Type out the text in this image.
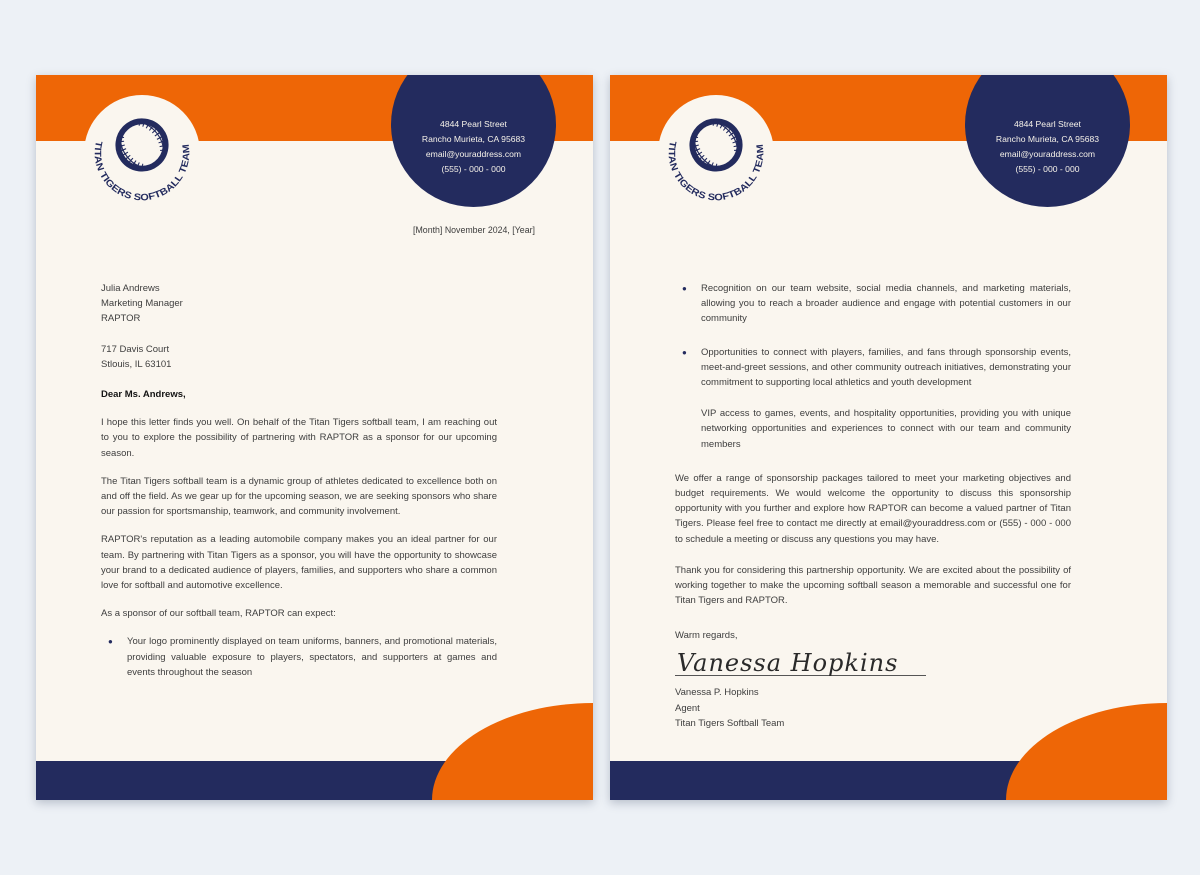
TITAN TIGERS SOFTBALL TEAM
4844 Pearl Street
Rancho Murieta, CA 95683
email@youraddress.com
(555) - 000 - 000
[Month] November 2024, [Year]
Julia Andrews
Marketing Manager
RAPTOR
717 Davis Court
Stlouis, IL 63101
Dear Ms. Andrews,

I hope this letter finds you well. On behalf of the Titan Tigers softball team, I am reaching out to you to explore the possibility of partnering with RAPTOR as a sponsor for our upcoming season.

The Titan Tigers softball team is a dynamic group of athletes dedicated to excellence both on and off the field. As we gear up for the upcoming season, we are seeking sponsors who share our passion for sportsmanship, teamwork, and community involvement.

RAPTOR's reputation as a leading automobile company makes you an ideal partner for our team. By partnering with Titan Tigers as a sponsor, you will have the opportunity to showcase your brand to a dedicated audience of players, families, and supporters who share a common love for softball and automotive excellence.

As a sponsor of our softball team, RAPTOR can expect:

●	Your logo prominently displayed on team uniforms, banners, and promotional materials, providing valuable exposure to players, spectators, and supporters at games and events throughout the season
TITAN TIGERS SOFTBALL TEAM
4844 Pearl Street
Rancho Murieta, CA 95683
email@youraddress.com
(555) - 000 - 000
●	Recognition on our team website, social media channels, and marketing materials, allowing you to reach a broader audience and engage with potential customers in our community
●	Opportunities to connect with players, families, and fans through sponsorship events, meet-and-greet sessions, and other community outreach initiatives, demonstrating your commitment to supporting local athletics and youth development
VIP access to games, events, and hospitality opportunities, providing you with unique networking opportunities and experiences to connect with our team and community members

We offer a range of sponsorship packages tailored to meet your marketing objectives and budget requirements. We would welcome the opportunity to discuss this sponsorship opportunity with you further and explore how RAPTOR can become a valued partner of Titan Tigers. Please feel free to contact me directly at email@youraddress.com or (555) - 000 - 000 to schedule a meeting or discuss any questions you may have.

Thank you for considering this partnership opportunity. We are excited about the possibility of working together to make the upcoming softball season a memorable and successful one for Titan Tigers and RAPTOR.

Warm regards,
Vanessa Hopkins
Vanessa P. Hopkins
Agent
Titan Tigers Softball Team
